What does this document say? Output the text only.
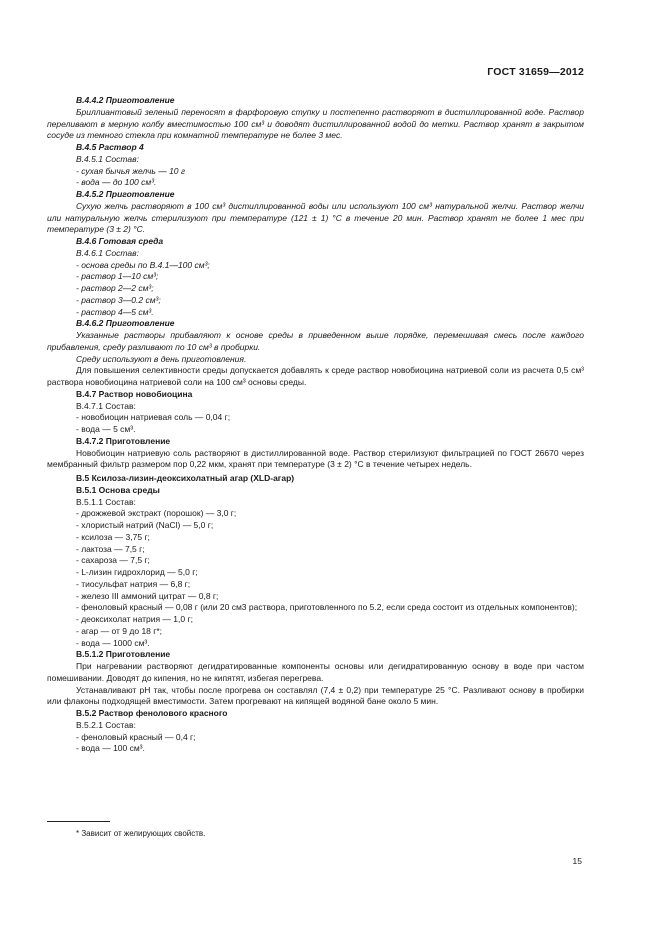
ГОСТ 31659—2012

B.4.4.2 Приготовление

Бриллиантовый зеленый переносят в фарфоровую ступку и постепенно растворяют в дистиллированной воде. Раствор переливают в мерную колбу вместимостью 100 см³ и доводят дистиллированной водой до метки. Раствор хранят в закрытом сосуде из темного стекла при комнатной температуре не более 3 мес.

B.4.5 Раствор 4

B.4.5.1 Состав:

- сухая бычья желчь — 10 г

- вода — до 100 см³.

B.4.5.2 Приготовление

Сухую желчь растворяют в 100 см³ дистиллированной воды или используют 100 см³ натуральной желчи. Раствор желчи или натуральную желчь стерилизуют при температуре (121 ± 1) °С в течение 20 мин. Раствор хранят не более 1 мес при температуре (3 ± 2) °С.

B.4.6 Готовая среда

B.4.6.1 Состав:

- основа среды по В.4.1—100 см³;

- раствор 1—10 см³;

- раствор 2—2 см³;

- раствор 3—0.2 см³;

- раствор 4—5 см³.

B.4.6.2 Приготовление

Указанные растворы прибавляют к основе среды в приведенном выше порядке, перемешивая смесь после каждого прибавления, среду разливают по 10 см³ в пробирки.

Среду используют в день приготовления.

Для повышения селективности среды допускается добавлять к среде раствор новобиоцина натриевой соли из расчета 0,5 см³ раствора новобиоцина натриевой соли на 100 см³ основы среды.

B.4.7 Раствор новобиоцина

B.4.7.1 Состав:

- новобиоцин натриевая соль — 0,04 г;

- вода — 5 см³.

B.4.7.2 Приготовление

Новобиоцин натриевую соль растворяют в дистиллированной воде. Раствор стерилизуют фильтрацией по ГОСТ 26670 через мембранный фильтр размером пор 0,22 мкм, хранят при температуре (3 ± 2) °С в течение четырех недель.

B.5 Ксилоза-лизин-деоксихолатный агар (XLD-агар)

B.5.1 Основа среды

B.5.1.1 Состав:

- дрожжевой экстракт (порошок) — 3,0 г;

- хлористый натрий (NaCl) — 5,0 г;

- ксилоза — 3,75 г;

- лактоза — 7,5 г;

- сахароза — 7,5 г;

- L-лизин гидрохлорид — 5,0 г;

- тиосульфат натрия — 6,8 г;

- железо III аммоний цитрат — 0,8 г;

- феноловый красный — 0,08 г (или 20 см3 раствора, приготовленного по 5.2, если среда состоит из отдельных компонентов);

- деоксихолат натрия — 1,0 г;

- агар — от 9 до 18 г*;

- вода — 1000 см³.

B.5.1.2 Приготовление

При нагревании растворяют дегидратированные компоненты основы или дегидратированную основу в воде при частом помешивании. Доводят до кипения, но не кипятят, избегая перегрева.

Устанавливают pH так, чтобы после прогрева он составлял (7,4 ± 0,2) при температуре 25 °С. Разливают основу в пробирки или флаконы подходящей вместимости. Затем прогревают на кипящей водяной бане около 5 мин.

B.5.2 Раствор фенолового красного

B.5.2.1 Состав:

- феноловый красный — 0,4 г;

- вода — 100 см³.

* Зависит от желирующих свойств.
15
